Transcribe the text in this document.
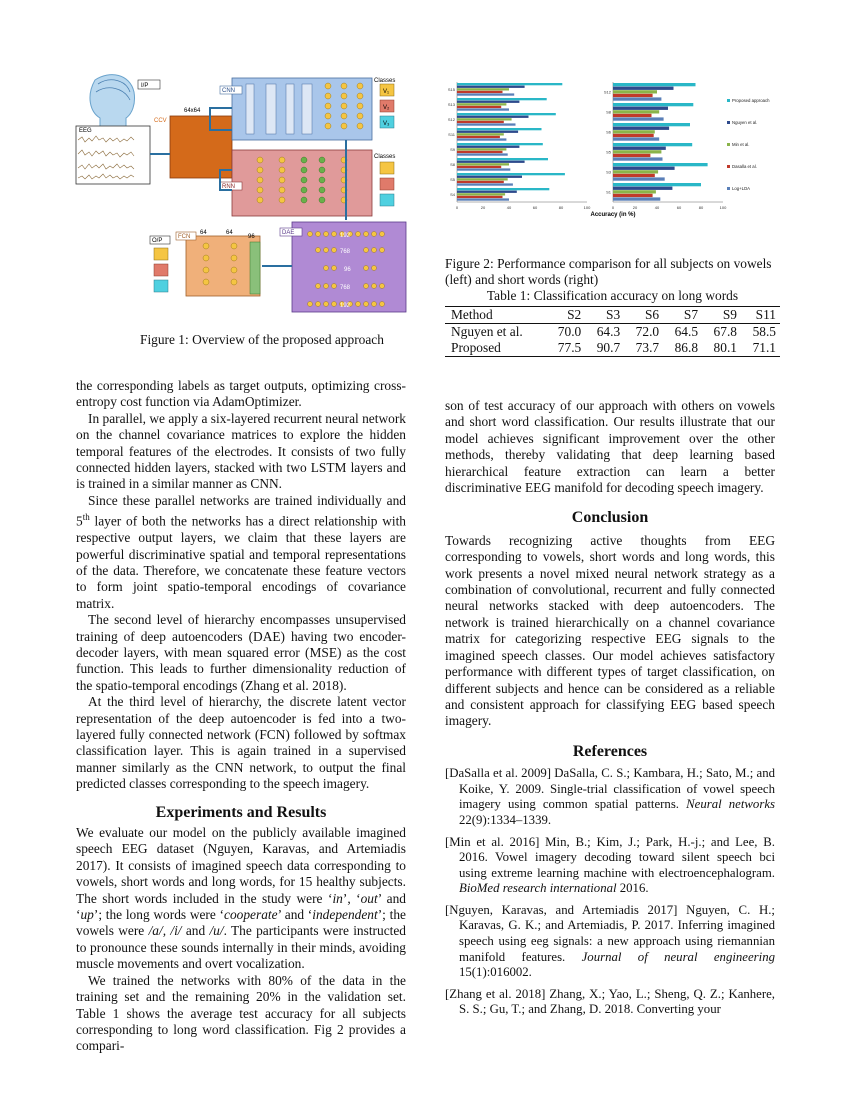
I/P
EEG
CCV
64x64
CNN
Classes
V₁
V₂
V₃
RNN
Classes
DAE	192
768
96
768
192
FCN
64	64
96
O/P
Figure 1: Overview of the proposed approach
0	20	40	60	80	100
S15
S13
S12
S11
S9
S8
S5
S4
0	20	40	60	80	100
S12
S8
S6
S5
S3
S1
Accuracy (in %)
Proposed approach
Nguyen et al.
Min et al.
Dasalla et al.
Log+LDA
Figure 2: Performance comparison for all subjects on vowels (left) and short words (right)
Table 1: Classification accuracy on long words
Method	S2	S3	S6	S7	S9	S11
Nguyen et al.	70.0	64.3	72.0	64.5	67.8	58.5
Proposed	77.5	90.7	73.7	86.8	80.1	71.1

the corresponding labels as target outputs, optimizing cross-entropy cost function via AdamOptimizer.

In parallel, we apply a six-layered recurrent neural network on the channel covariance matrices to explore the hidden temporal features of the electrodes. It consists of two fully connected hidden layers, stacked with two LSTM layers and is trained in a similar manner as CNN.

Since these parallel networks are trained individually and 5th layer of both the networks has a direct relationship with respective output layers, we claim that these layers are powerful discriminative spatial and temporal representations of the data. Therefore, we concatenate these feature vectors to form joint spatio-temporal encodings of covariance matrix.

The second level of hierarchy encompasses unsupervised training of deep autoencoders (DAE) having two encoder-decoder layers, with mean squared error (MSE) as the cost function. This leads to further dimensionality reduction of the spatio-temporal encodings (Zhang et al. 2018).

At the third level of hierarchy, the discrete latent vector representation of the deep autoencoder is fed into a two-layered fully connected network (FCN) followed by softmax classification layer. This is again trained in a supervised manner similarly as the CNN network, to output the final predicted classes corresponding to the speech imagery.

Experiments and Results

We evaluate our model on the publicly available imagined speech EEG dataset (Nguyen, Karavas, and Artemiadis 2017). It consists of imagined speech data corresponding to vowels, short words and long words, for 15 healthy subjects. The short words included in the study were ‘in’, ‘out’ and ‘up’; the long words were ‘cooperate’ and ‘independent’; the vowels were /a/, /i/ and /u/. The participants were instructed to pronounce these sounds internally in their minds, avoiding muscle movements and overt vocalization.

We trained the networks with 80% of the data in the training set and the remaining 20% in the validation set. Table 1 shows the average test accuracy for all subjects corresponding to long word classification. Fig 2 provides a compari-

son of test accuracy of our approach with others on vowels and short word classification. Our results illustrate that our model achieves significant improvement over the other methods, thereby validating that deep learning based hierarchical feature extraction can learn a better discriminative EEG manifold for decoding speech imagery.

Conclusion

Towards recognizing active thoughts from EEG corresponding to vowels, short words and long words, this work presents a novel mixed neural network strategy as a combination of convolutional, recurrent and fully connected neural networks stacked with deep autoencoders. The network is trained hierarchically on a channel covariance matrix for categorizing respective EEG signals to the imagined speech classes. Our model achieves satisfactory performance with different types of target classification, on different subjects and hence can be considered as a reliable and consistent approach for classifying EEG based speech imagery.

References

[DaSalla et al. 2009] DaSalla, C. S.; Kambara, H.; Sato, M.; and Koike, Y. 2009. Single-trial classification of vowel speech imagery using common spatial patterns. Neural networks 22(9):1334–1339.

[Min et al. 2016] Min, B.; Kim, J.; Park, H.-j.; and Lee, B. 2016. Vowel imagery decoding toward silent speech bci using extreme learning machine with electroencephalogram. BioMed research international 2016.

[Nguyen, Karavas, and Artemiadis 2017] Nguyen, C. H.; Karavas, G. K.; and Artemiadis, P. 2017. Inferring imagined speech using eeg signals: a new approach using riemannian manifold features. Journal of neural engineering 15(1):016002.

[Zhang et al. 2018] Zhang, X.; Yao, L.; Sheng, Q. Z.; Kanhere, S. S.; Gu, T.; and Zhang, D. 2018. Converting your
